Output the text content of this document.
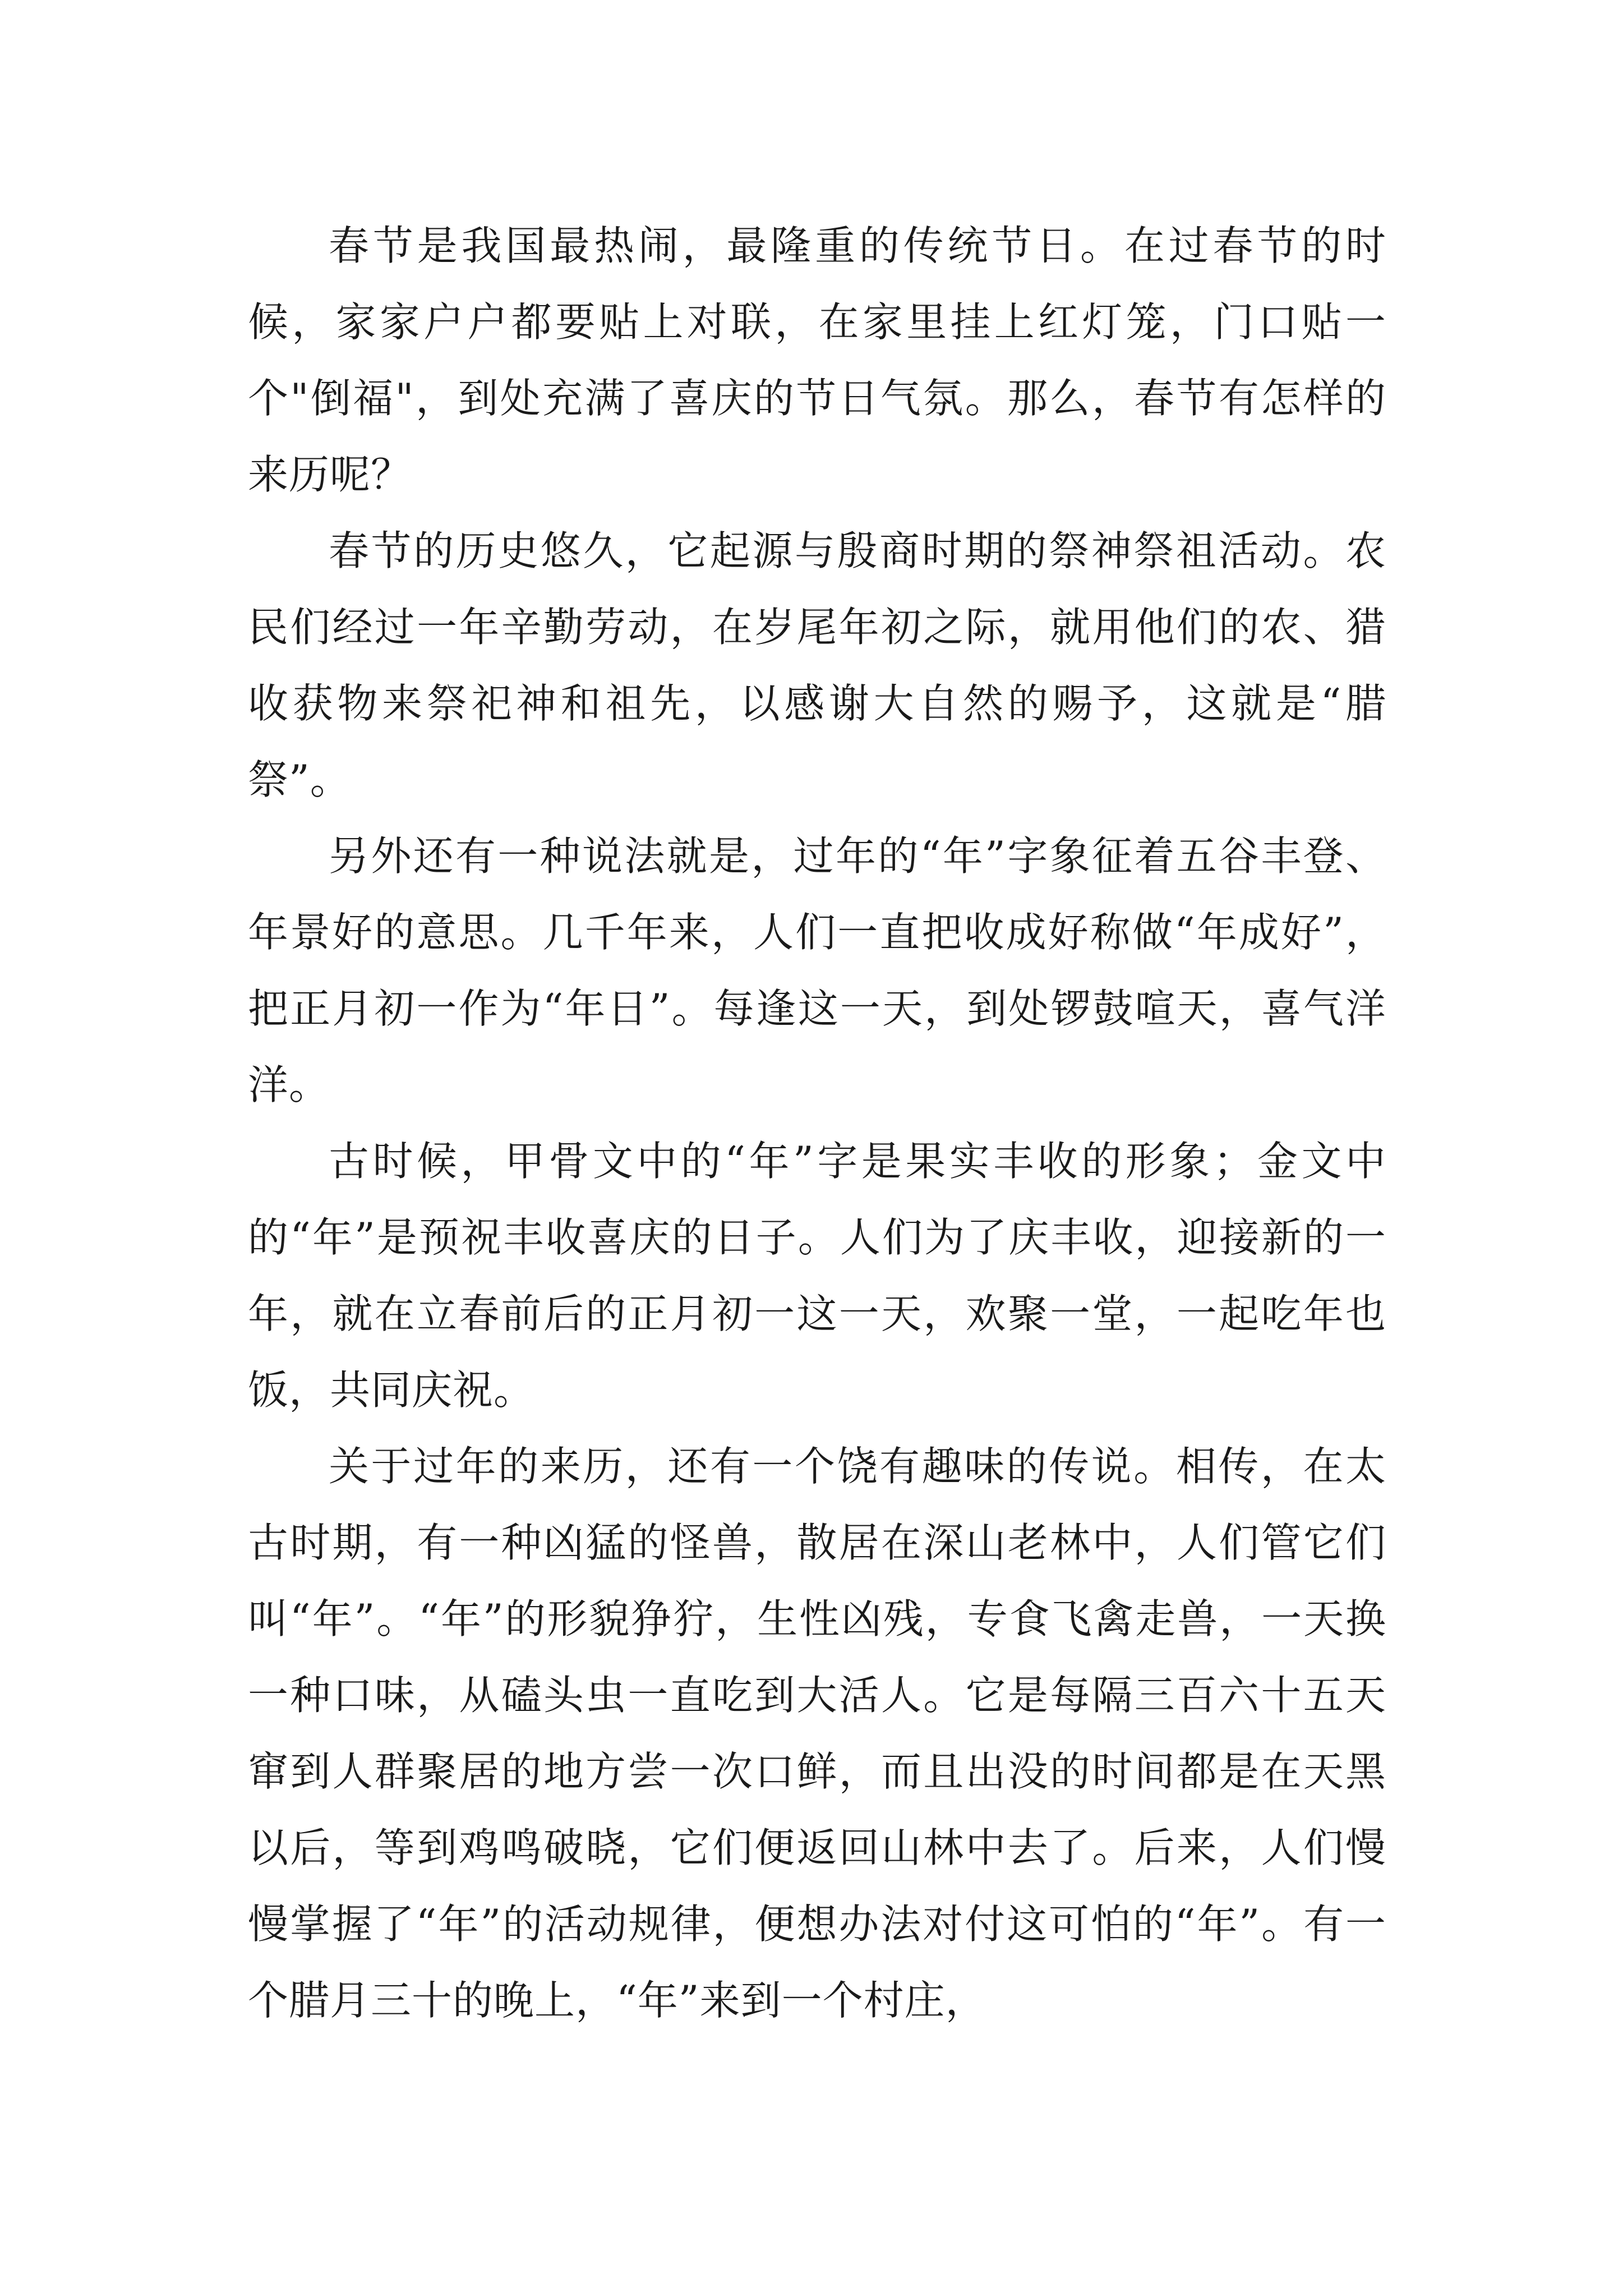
春节是我国最热闹，最隆重的传统节日。在过春节的时候，家家户户都要贴上对联，在家里挂上红灯笼，门口贴一个"倒福"，到处充满了喜庆的节日气氛。那么，春节有怎样的来历呢？

春节的历史悠久，它起源与殷商时期的祭神祭祖活动。农民们经过一年辛勤劳动，在岁尾年初之际，就用他们的农、猎收获物来祭祀神和祖先，以感谢大自然的赐予，这就是“腊祭”。

另外还有一种说法就是，过年的“年”字象征着五谷丰登、年景好的意思。几千年来，人们一直把收成好称做“年成好”，把正月初一作为“年日”。每逢这一天，到处锣鼓喧天，喜气洋洋。

古时候，甲骨文中的“年”字是果实丰收的形象；金文中的“年”是预祝丰收喜庆的日子。人们为了庆丰收，迎接新的一年，就在立春前后的正月初一这一天，欢聚一堂，一起吃年也饭，共同庆祝。

关于过年的来历，还有一个饶有趣味的传说。相传，在太古时期，有一种凶猛的怪兽，散居在深山老林中，人们管它们叫“年”。“年”的形貌狰狞，生性凶残，专食飞禽走兽，一天换一种口味，从磕头虫一直吃到大活人。它是每隔三百六十五天窜到人群聚居的地方尝一次口鲜，而且出没的时间都是在天黑以后，等到鸡鸣破晓，它们便返回山林中去了。后来，人们慢慢掌握了“年”的活动规律，便想办法对付这可怕的“年”。有一个腊月三十的晚上，“年”来到一个村庄，
